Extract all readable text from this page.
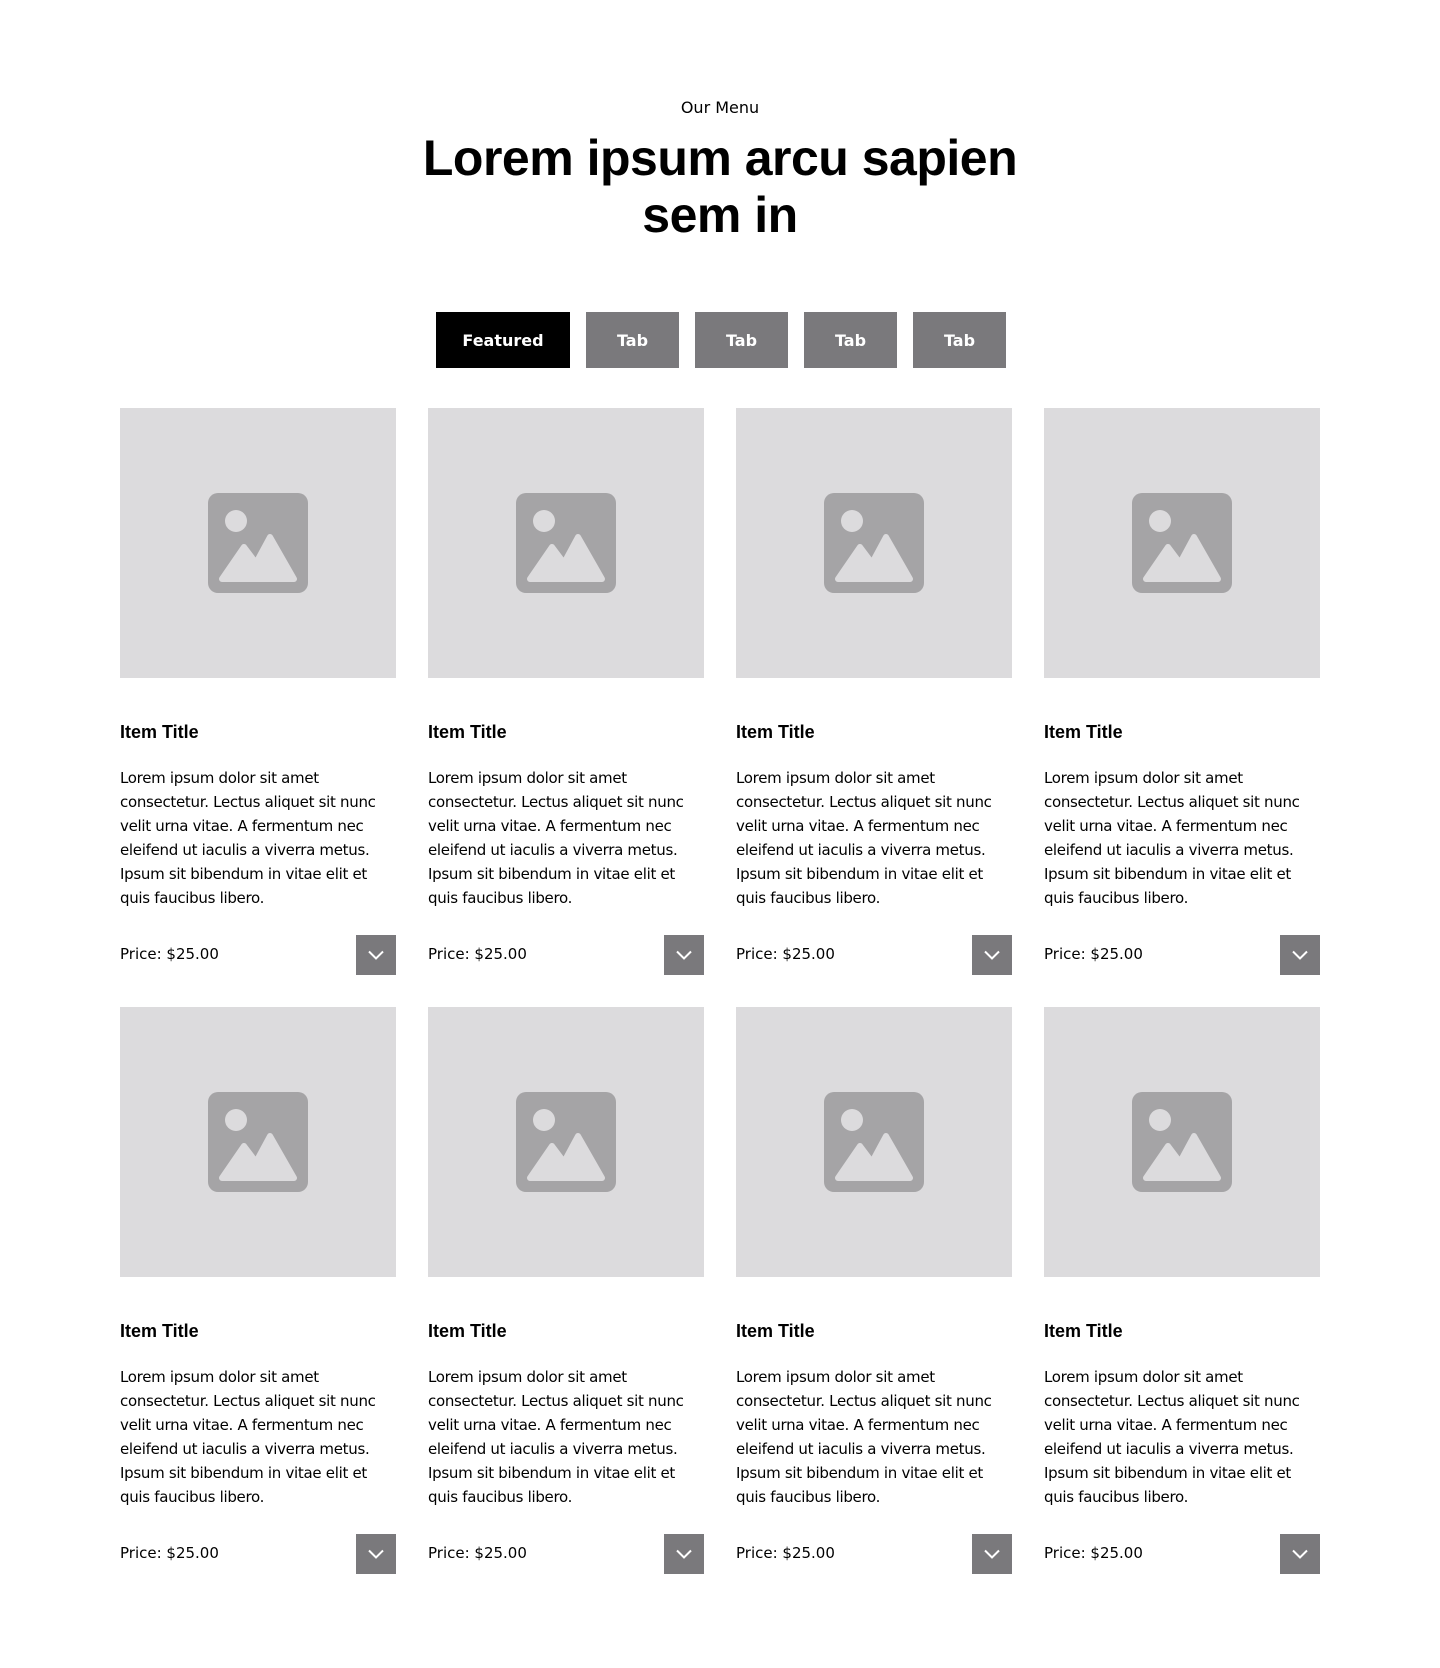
Our Menu
Lorem ipsum arcu sapien sem in
Featured	Tab	Tab	Tab	Tab
Item Title
Lorem ipsum dolor sit amet consectetur. Lectus aliquet sit nunc velit urna vitae. A fermentum nec eleifend ut iaculis a viverra metus. Ipsum sit bibendum in vitae elit et quis faucibus libero.
Price: $25.00
Item Title
Lorem ipsum dolor sit amet consectetur. Lectus aliquet sit nunc velit urna vitae. A fermentum nec eleifend ut iaculis a viverra metus. Ipsum sit bibendum in vitae elit et quis faucibus libero.
Price: $25.00
Item Title
Lorem ipsum dolor sit amet consectetur. Lectus aliquet sit nunc velit urna vitae. A fermentum nec eleifend ut iaculis a viverra metus. Ipsum sit bibendum in vitae elit et quis faucibus libero.
Price: $25.00
Item Title
Lorem ipsum dolor sit amet consectetur. Lectus aliquet sit nunc velit urna vitae. A fermentum nec eleifend ut iaculis a viverra metus. Ipsum sit bibendum in vitae elit et quis faucibus libero.
Price: $25.00
Item Title
Lorem ipsum dolor sit amet consectetur. Lectus aliquet sit nunc velit urna vitae. A fermentum nec eleifend ut iaculis a viverra metus. Ipsum sit bibendum in vitae elit et quis faucibus libero.
Price: $25.00
Item Title
Lorem ipsum dolor sit amet consectetur. Lectus aliquet sit nunc velit urna vitae. A fermentum nec eleifend ut iaculis a viverra metus. Ipsum sit bibendum in vitae elit et quis faucibus libero.
Price: $25.00
Item Title
Lorem ipsum dolor sit amet consectetur. Lectus aliquet sit nunc velit urna vitae. A fermentum nec eleifend ut iaculis a viverra metus. Ipsum sit bibendum in vitae elit et quis faucibus libero.
Price: $25.00
Item Title
Lorem ipsum dolor sit amet consectetur. Lectus aliquet sit nunc velit urna vitae. A fermentum nec eleifend ut iaculis a viverra metus. Ipsum sit bibendum in vitae elit et quis faucibus libero.
Price: $25.00
